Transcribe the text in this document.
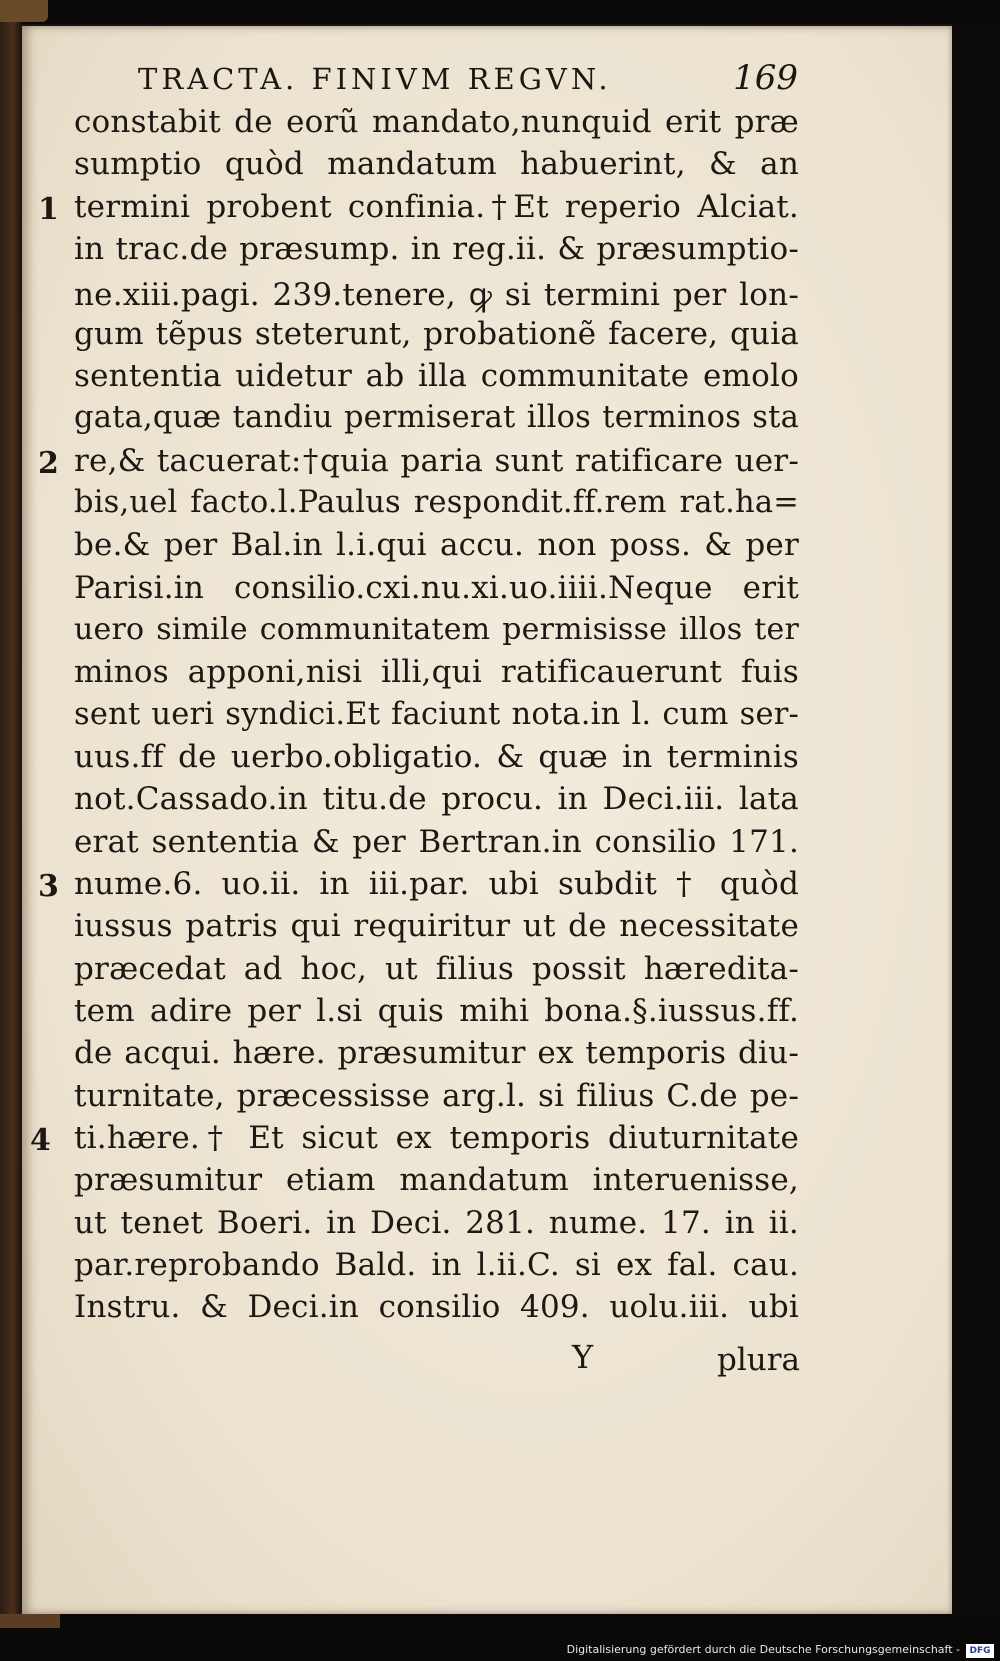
TRACTA. FINIVM REGVN.	169
constabit de eorũ mandato,nunquid erit præ
sumptio quòd mandatum habuerint, & an
termini probent confinia.†Et reperio Alciat.
in trac.de præsump. in reg.ii. & præsumptio-
ne.xiii.pagi. 239.tenere, ꝙ si termini per lon-
gum tẽpus steterunt, probationẽ facere, quia
sententia uidetur ab illa communitate emolo
gata,quæ tandiu permiserat illos terminos sta
re,& tacuerat:†quia paria sunt ratificare uer-
bis,uel facto.l.Paulus respondit.ff.rem rat.ha=
be.& per Bal.in l.i.qui accu. non poss. & per
Parisi.in consilio.cxi.nu.xi.uo.iiii.Neque erit
uero simile communitatem permisisse illos ter
minos apponi,nisi illi,qui ratificauerunt fuis
sent ueri syndici.Et faciunt nota.in l. cum ser-
uus.ff de uerbo.obligatio. & quæ in terminis
not.Cassado.in titu.de procu. in Deci.iii. lata
erat sententia & per Bertran.in consilio 171.
nume.6. uo.ii. in iii.par. ubi subdit † quòd
iussus patris qui requiritur ut de necessitate
præcedat ad hoc, ut filius possit hæredita-
tem adire per l.si quis mihi bona.§.iussus.ff.
de acqui. hære. præsumitur ex temporis diu-
turnitate, præcessisse arg.l. si filius C.de pe-
ti.hære.† Et sicut ex temporis diuturnitate
præsumitur etiam mandatum interuenisse,
ut tenet Boeri. in Deci. 281. nume. 17. in ii.
par.reprobando Bald. in l.ii.C. si ex fal. cau.
Instru. & Deci.in consilio 409. uolu.iii. ubi
1
2
3
4
Y	plura
Digitalisierung gefördert durch die Deutsche Forschungsgemeinschaft -	DFG
